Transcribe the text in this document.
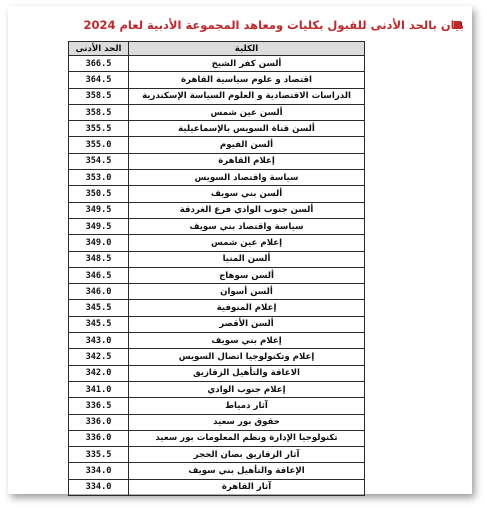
بيان بالحد الأدنى للقبول بكليات ومعاهد المجموعة الأدبية لعام 2024
الحد الأدنى	الكلية
366.5	ألسن كفر الشيخ
364.5	اقتصاد و علوم سياسية القاهرة
358.5	الدراسات الاقتصادية و العلوم السياسة الإسكندرية
358.5	ألسن عين شمس
355.5	ألسن قناة السويس بالإسماعيلية
355.0	ألسن الفيوم
354.5	إعلام القاهرة
353.0	سياسة واقتصاد السويس
350.5	ألسن بني سويف
349.5	ألسن جنوب الوادي فرع الغردقة
349.5	سياسة واقتصاد بني سويف
349.0	إعلام عين شمس
348.5	ألسن المنيا
346.5	ألسن سوهاج
346.0	ألسن أسوان
345.5	إعلام المنوفية
345.5	ألسن الأقصر
343.0	إعلام بني سويف
342.5	إعلام وتكنولوجيا اتصال السويس
342.0	الاعاقة والتأهيل الزقازيق
341.0	إعلام جنوب الوادي
336.5	آثار دمياط
336.0	حقوق بور سعيد
336.0	تكنولوجيا الإدارة ونظم المعلومات بور سعيد
335.5	آثار الزقازيق بصان الحجر
334.0	الإعاقة والتأهيل بني سويف
334.0	آثار القاهرة
